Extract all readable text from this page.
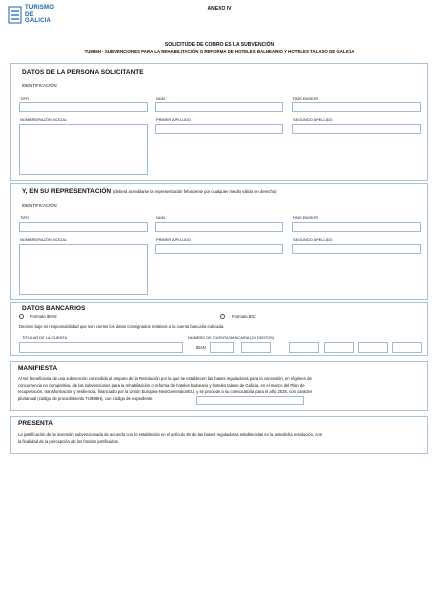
TURISMO
DE
GALICIA
ANEXO IV
SOLICITUDE DE COBRO ES LA SUBVENCIÓN
TU985H - SUBVENCIONES PARA LA REHABILITACIÓN O REFORMA DE HOTELES BALNEARIO Y HOTELES TALASO DE GALICIA
DATOS DE LA PERSONA SOLICITANTE
IDENTIFICACIÓN
TIPO	NÚM.	PAÍS EMISOR
NOMBRE/RAZÓN SOCIAL	PRIMER APELLIDO	SEGUNDO APELLIDO
Y, EN SU REPRESENTACIÓN (deberá acreditarse la representación fehaciente por cualquier medio válido en derecho)
IDENTIFICACIÓN
TIPO	NÚM.	PAÍS EMISOR
NOMBRE/RAZÓN SOCIAL	PRIMER APELLIDO	SEGUNDO APELLIDO
DATOS BANCARIOS
Formato IBAN	Formato BIC
Declaro bajo mi responsabilidad que son ciertos los datos consignados relativos a la cuenta bancaria indicada.
TITULAR DE LA CUENTA	NÚMERO DE CUENTA BANCARIA (24 DÍGITOS)
IBAN
MANIFIESTA
Al ser beneficiaria de una subvención concedida al amparo de la Resolución por la que se establecen las bases reguladoras para la concesión, en régimen de
concurrencia no competitiva, de las subvenciones para la rehabilitación o reforma de hoteles balneario y hoteles talaso de Galicia, en el marco del Plan de
recuperación, transformación y resiliencia, financiado por la Unión Europea-NextGenerationEU, y se procede a su convocatoria para el año 2025, con carácter
plurianual (código de procedimiento TU985H), con código de expediente
PRESENTA
La justificación de la inversión subvencionada de acuerdo con lo establecido en el artículo 25 de las bases reguladoras establecidas en la antedicha resolución, con
la finalidad de la percepción de los fondos justificados.
